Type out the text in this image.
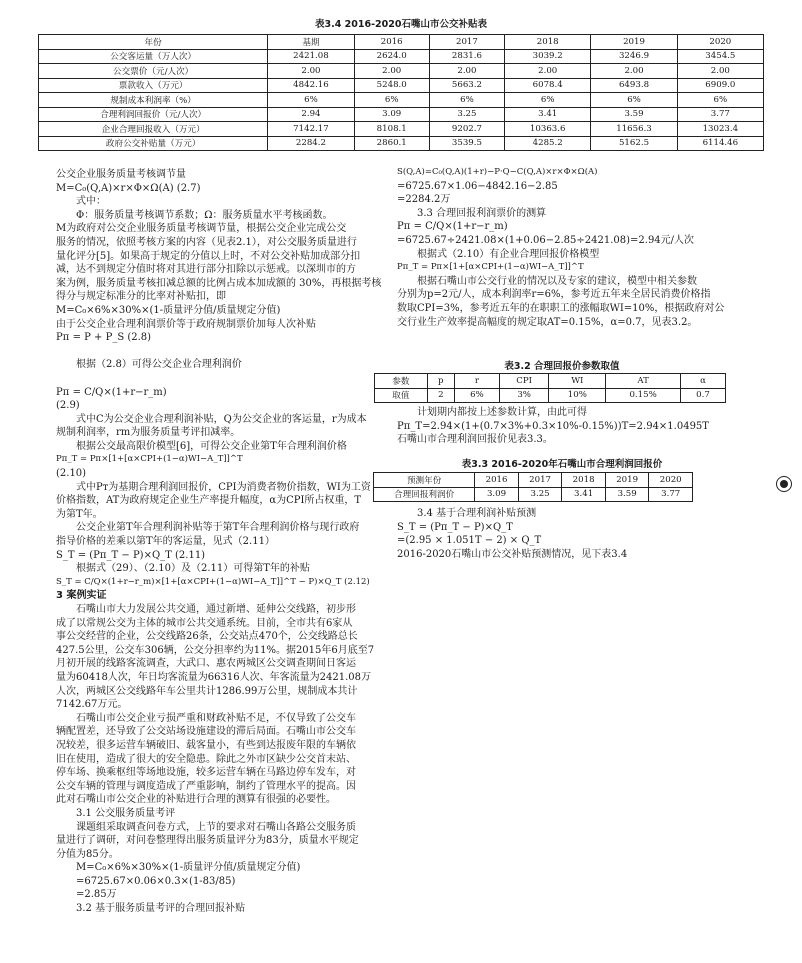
表3.4 2016-2020石嘴山市公交补贴表
年份	基期	2016	2017	2018	2019	2020
公交客运量（万人次）	2421.08	2624.0	2831.6	3039.2	3246.9	3454.5
公交票价（元/人次）	2.00	2.00	2.00	2.00	2.00	2.00
票款收入（万元）	4842.16	5248.0	5663.2	6078.4	6493.8	6909.0
规制成本利润率（%）	6%	6%	6%	6%	6%	6%
合理利润回报价（元/人次）	2.94	3.09	3.25	3.41	3.59	3.77
企业合理回报收入（万元）	7142.17	8108.1	9202.7	10363.6	11656.3	13023.4
政府公交补贴量（万元）	2284.2	2860.1	3539.5	4285.2	5162.5	6114.46

公交企业服务质量考核调节量

M=C₀(Q,A)×r×Φ×Ω(A) (2.7)

式中：

Φ：服务质量考核调节系数；Ω：服务质量水平考核函数。

M为政府对公交企业服务质量考核调节量，根据公交企业完成公交

服务的情况，依照考核方案的内容（见表2.1），对公交服务质量进行

量化评分[5]。如果高于规定的分值以上时，不对公交补贴加成部分扣

减，达不到规定分值时将对其进行部分扣除以示惩戒。以深圳市的方

案为例，服务质量考核扣减总额的比例占成本加成额的 30%，再根据考核

得分与规定标准分的比率对补贴扣，即

M=C₀×6%×30%×(1-质量评分值/质量规定分值)

由于公交企业合理利润票价等于政府规制票价加每人次补贴

Pп = P + P_S (2.8)

根据（2.8）可得公交企业合理利润价

Pп = C/Q×(1+r−r_m)

(2.9)

式中C为公交企业合理利润补贴，Q为公交企业的客运量，r为成本

规制利润率，rm为服务质量考评扣减率。

根据公交最高限价模型[6]，可得公交企业第T年合理利润价格

Pп_T = Pп×[1+[α×CPI+(1−α)WI−A_T]]^T

(2.10)

式中Pт为基期合理利润回报价，CPI为消费者物价指数，WI为工资

价格指数，AT为政府规定企业生产率提升幅度，α为CPI所占权重，T

为第T年。

公交企业第T年合理利润补贴等于第T年合理利润价格与现行政府

指导价格的差乘以第T年的客运量，见式（2.11）

S_T = (Pп_T − P)×Q_T (2.11)

根据式（29）、（2.10）及（2.11）可得第T年的补贴

S_T = C/Q×(1+r−r_m)×[1+[α×CPI+(1−α)WI−A_T]]^T − P)×Q_T (2.12)

3 案例实证

石嘴山市大力发展公共交通，通过新增、延伸公交线路，初步形

成了以常规公交为主体的城市公共交通系统。目前，全市共有6家从

事公交经营的企业，公交线路26条，公交站点470个，公交线路总长

427.5公里，公交车306辆，公交分担率约为11%。据2015年6月底至7

月初开展的线路客流调查，大武口、惠农两城区公交调查期间日客运

量为60418人次，年日均客流量为66316人次、年客流量为2421.08万

人次，两城区公交线路年车公里共计1286.99万公里，规制成本共计

7142.67万元。

石嘴山市公交企业亏损严重和财政补贴不足，不仅导致了公交车

辆配置差，还导致了公交站场设施建设的滞后局面。石嘴山市公交车

况较差，很多运营车辆破旧、载客量小，有些到达报废年限的车辆依

旧在使用，造成了很大的安全隐患。除此之外市区缺少公交首末站、

停车场、换乘枢纽等场地设施，较多运营车辆在马路边停车发车，对

公交车辆的管理与调度造成了严重影响，制约了管理水平的提高。因

此对石嘴山市公交企业的补贴进行合理的测算有很强的必要性。

3.1 公交服务质量考评

课题组采取调查问卷方式，上节的要求对石嘴山各路公交服务质

量进行了调研，对问卷整理得出服务质量评分为83分，质量水平规定

分值为85分。

M=C₀×6%×30%×(1-质量评分值/质量规定分值)

=6725.67×0.06×0.3×(1-83/85)

=2.85万

3.2 基于服务质量考评的合理回报补贴

S(Q,A)=C₀(Q,A)(1+r)−P·Q−C(Q,A)×r×Φ×Ω(A)

=6725.67×1.06−4842.16−2.85

=2284.2万

3.3 合理回报利润票价的测算

Pп = C/Q×(1+r−r_m)

=6725.67÷2421.08×(1+0.06−2.85÷2421.08)=2.94元/人次

根据式（2.10）有企业合理回报价格模型

Pп_T = Pп×[1+[α×CPI+(1−α)WI−A_T]]^T

根据石嘴山市公交行业的情况以及专家的建议，模型中相关参数

分别为p=2元/人，成本利润率r=6%，参考近五年来全居民消费价格指

数取CPI=3%，参考近五年的在职职工的涨幅取WI=10%，根据政府对公

交行业生产效率提高幅度的规定取AT=0.15%，α=0.7，见表3.2。

表3.2 合理回报价参数取值
参数	p	r	CPI	WI	AT	α
取值	2	6%	3%	10%	0.15%	0.7

计划期内都按上述参数计算，由此可得

Pп_T=2.94×(1+(0.7×3%+0.3×10%-0.15%))T=2.94×1.0495T

石嘴山市合理利润回报价见表3.3。

表3.3 2016-2020年石嘴山市合理利润回报价
预测年份	2016	2017	2018	2019	2020
合理回报利润价	3.09	3.25	3.41	3.59	3.77

3.4 基于合理利润补贴预测

S_T = (Pп_T − P)×Q_T

=(2.95 × 1.051T − 2) × Q_T

2016-2020石嘴山市公交补贴预测情况，见下表3.4
